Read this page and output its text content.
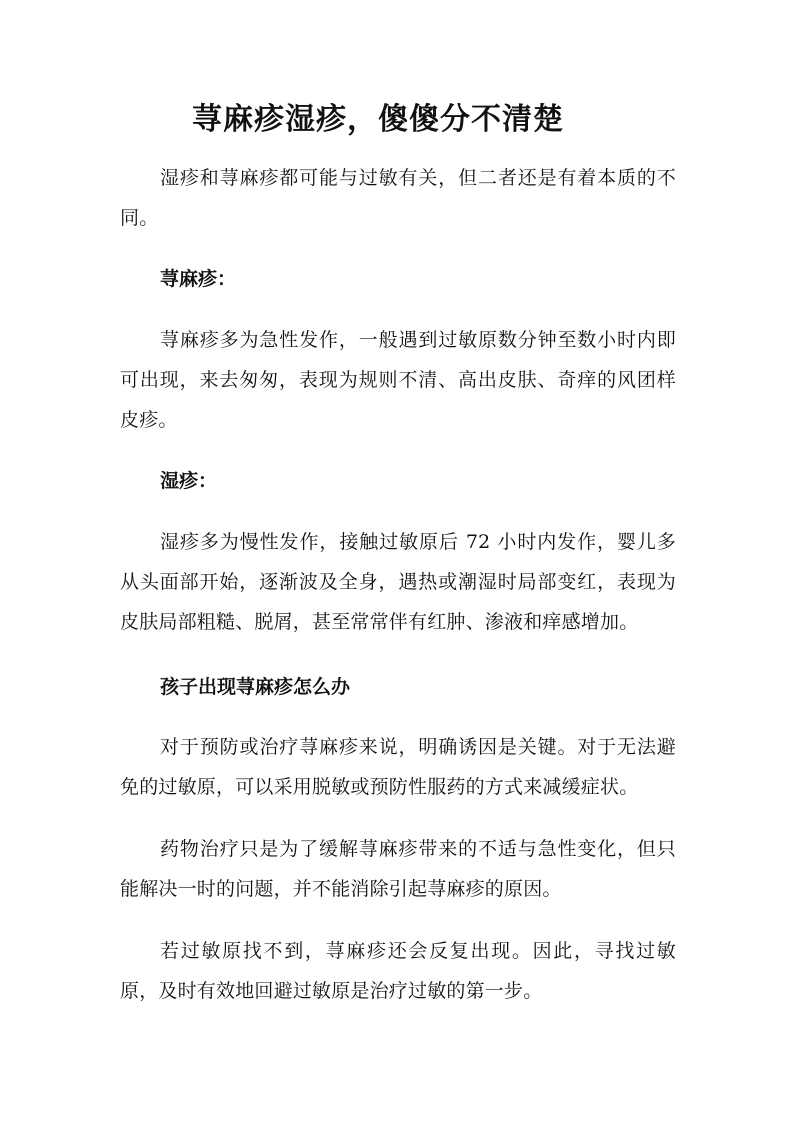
荨麻疹湿疹，傻傻分不清楚

湿疹和荨麻疹都可能与过敏有关，但二者还是有着本质的不同。

荨麻疹：

荨麻疹多为急性发作，一般遇到过敏原数分钟至数小时内即可出现，来去匆匆，表现为规则不清、高出皮肤、奇痒的风团样皮疹。

湿疹：

湿疹多为慢性发作，接触过敏原后 72 小时内发作，婴儿多从头面部开始，逐渐波及全身，遇热或潮湿时局部变红，表现为皮肤局部粗糙、脱屑，甚至常常伴有红肿、渗液和痒感增加。

孩子出现荨麻疹怎么办

对于预防或治疗荨麻疹来说，明确诱因是关键。对于无法避免的过敏原，可以采用脱敏或预防性服药的方式来减缓症状。

药物治疗只是为了缓解荨麻疹带来的不适与急性变化，但只能解决一时的问题，并不能消除引起荨麻疹的原因。

若过敏原找不到，荨麻疹还会反复出现。因此，寻找过敏原，及时有效地回避过敏原是治疗过敏的第一步。
